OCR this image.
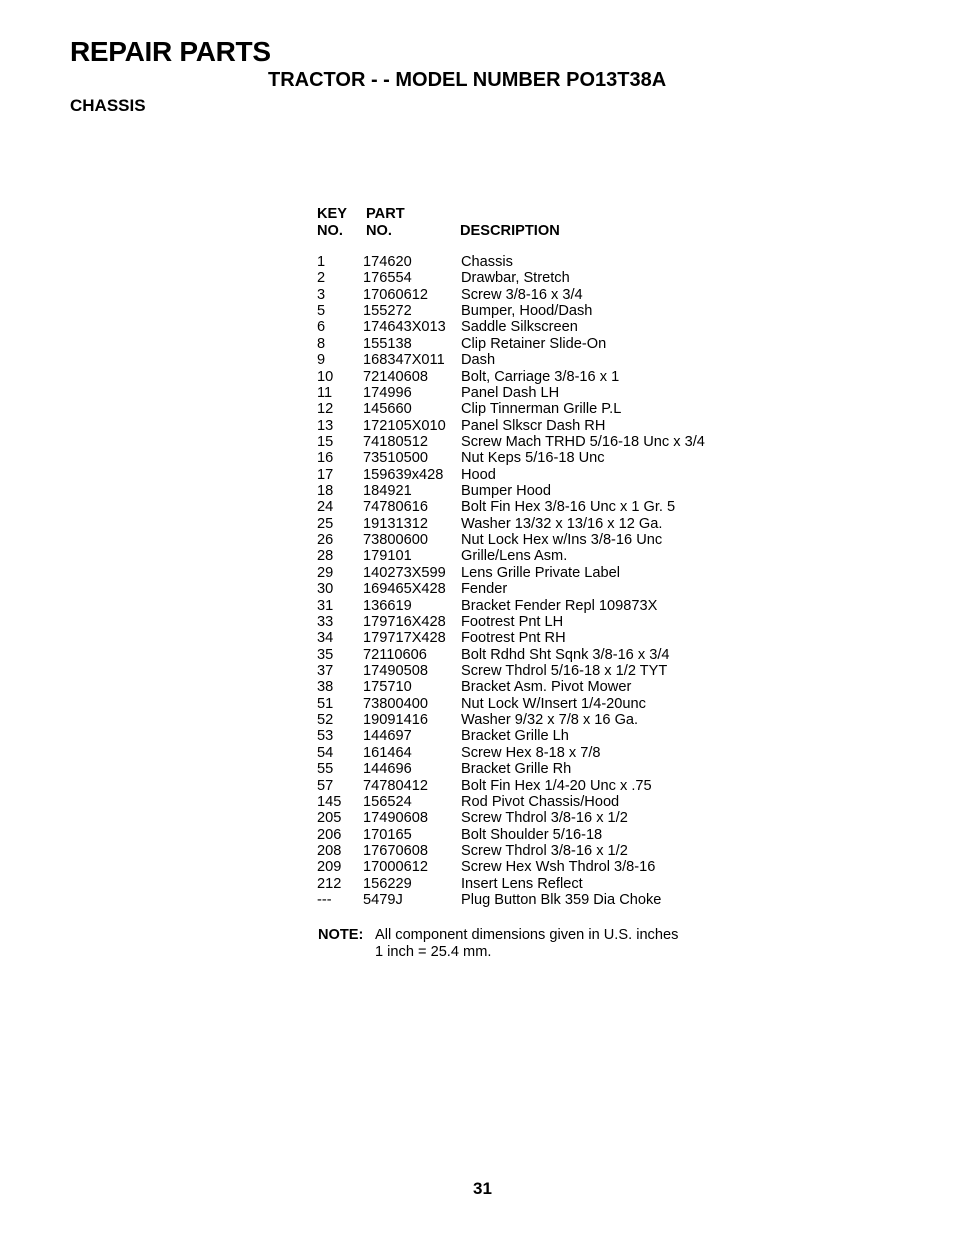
REPAIR PARTS
TRACTOR - - MODEL NUMBER PO13T38A
CHASSIS
KEY
NO.
PART
NO.	DESCRIPTION
1	174620	Chassis
2	176554	Drawbar, Stretch
3	17060612 Screw 3/8-16 x 3/4
5	155272	Bumper, Hood/Dash
6	174643X013 Saddle Silkscreen
8	155138	Clip Retainer Slide-On
9	168347X011 Dash
10 72140608 Bolt, Carriage 3/8-16 x 1
11 174996	Panel Dash LH
12 145660	Clip Tinnerman Grille P.L
13 172105X010 Panel Slkscr Dash RH
15 74180512 Screw Mach TRHD 5/16-18 Unc x 3/4
16 73510500 Nut Keps 5/16-18 Unc
17 159639x428 Hood
18 184921	Bumper Hood
24 74780616 Bolt Fin Hex 3/8-16 Unc x 1 Gr. 5
25 19131312 Washer 13/32 x 13/16 x 12 Ga.
26 73800600 Nut Lock Hex w/Ins 3/8-16 Unc
28 179101	Grille/Lens Asm.
29 140273X599 Lens Grille Private Label
30 169465X428 Fender
31 136619	Bracket Fender Repl 109873X
33 179716X428 Footrest Pnt LH
34 179717X428 Footrest Pnt RH
35 72110606 Bolt Rdhd Sht Sqnk 3/8-16 x 3/4
37 17490508 Screw Thdrol 5/16-18 x 1/2 TYT
38 175710	Bracket Asm. Pivot Mower
51 73800400 Nut Lock W/Insert 1/4-20unc
52 19091416 Washer 9/32 x 7/8 x 16 Ga.
53 144697	Bracket Grille Lh
54 161464	Screw Hex 8-18 x 7/8
55 144696	Bracket Grille Rh
57 74780412 Bolt Fin Hex 1/4-20 Unc x .75
145 156524	Rod Pivot Chassis/Hood
205 17490608 Screw Thdrol 3/8-16 x 1/2
206 170165	Bolt Shoulder 5/16-18
208 17670608 Screw Thdrol 3/8-16 x 1/2
209 17000612 Screw Hex Wsh Thdrol 3/8-16
212 156229	Insert Lens Reflect
--- 5479J	Plug Button Blk 359 Dia Choke
NOTE: All component dimensions given in U.S. inches
1 inch = 25.4 mm.
31
